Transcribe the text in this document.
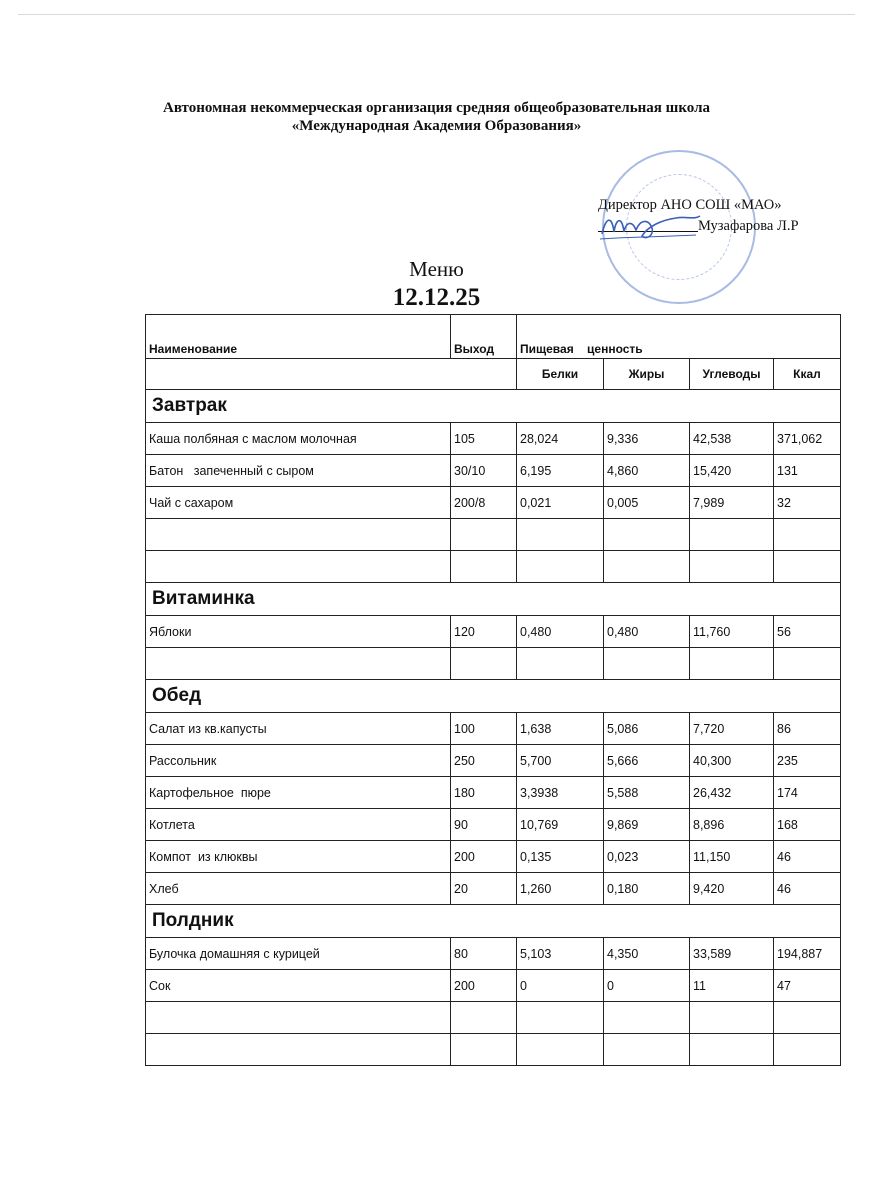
Автономная некоммерческая организация средняя общеобразовательная школа
«Международная Академия Образования»
Директор АНО СОШ «МАО»
Музафарова Л.Р
Меню
12.12.25
Наименование	Выход	Пищевая    ценность			
		Белки	Жиры	Углеводы	Ккал
Завтрак					
Каша полбяная с маслом молочная	105	28,024	9,336	42,538	371,062
Батон   запеченный с сыром	30/10	6,195	4,860	15,420	131
Чай с сахаром	200/8	0,021	0,005	7,989	32

Витаминка					
Яблоки	120	0,480	0,480	11,760	56

Обед					
Салат из кв.капусты	100	1,638	5,086	7,720	86
Рассольник	250	5,700	5,666	40,300	235
Картофельное  пюре	180	3,3938	5,588	26,432	174
Котлета	90	10,769	9,869	8,896	168
Компот  из клюквы	200	0,135	0,023	11,150	46
Хлеб	20	1,260	0,180	9,420	46
Полдник					
Булочка домашняя с курицей	80	5,103	4,350	33,589	194,887
Сок	200	0	0	11	47
